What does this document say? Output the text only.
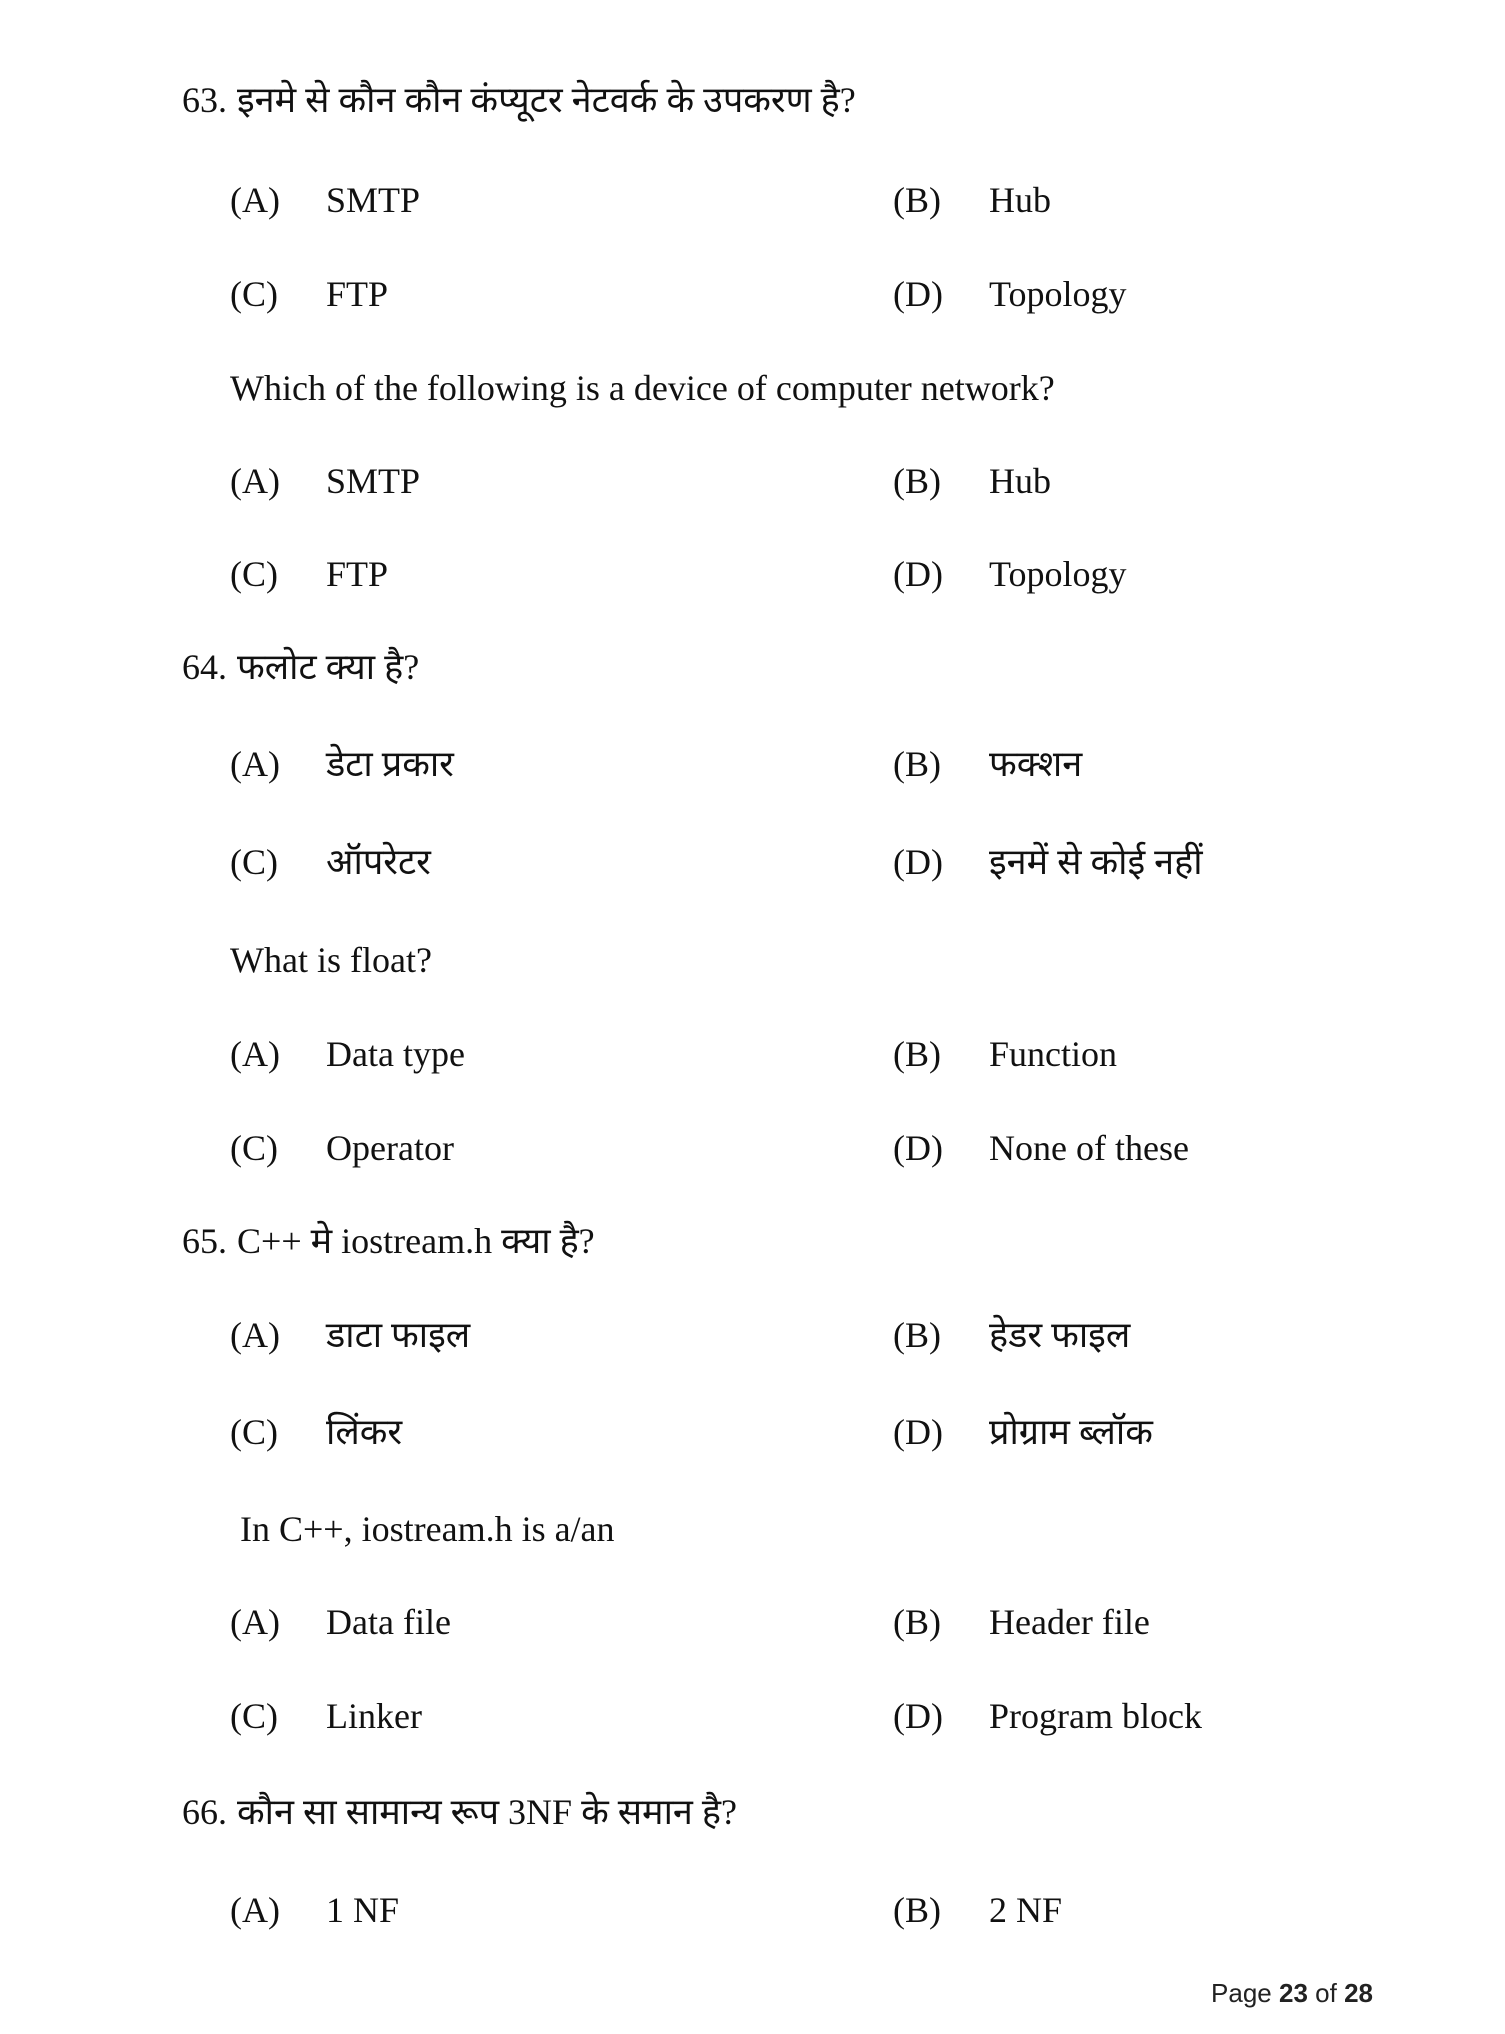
63. इनमे से कौन कौन कंप्यूटर नेटवर्क के उपकरण है?
(A) SMTP	(B) Hub
(C) FTP	(D) Topology
Which of the following is a device of computer network?
(A) SMTP	(B) Hub
(C) FTP	(D) Topology
64. फलोट क्या है?
(A) डेटा प्रकार	(B) फक्शन
(C) ऑपरेटर	(D) इनमें से कोई नहीं
What is float?
(A) Data type	(B) Function
(C) Operator	(D) None of these
65. C++ मे iostream.h क्या है?
(A) डाटा फाइल	(B) हेडर फाइल
(C) लिंकर	(D) प्रोग्राम ब्लॉक
In C++, iostream.h is a/an
(A) Data file	(B) Header file
(C) Linker	(D) Program block
66. कौन सा सामान्य रूप 3NF के समान है?
(A) 1 NF	(B) 2 NF
Page 23 of 28
